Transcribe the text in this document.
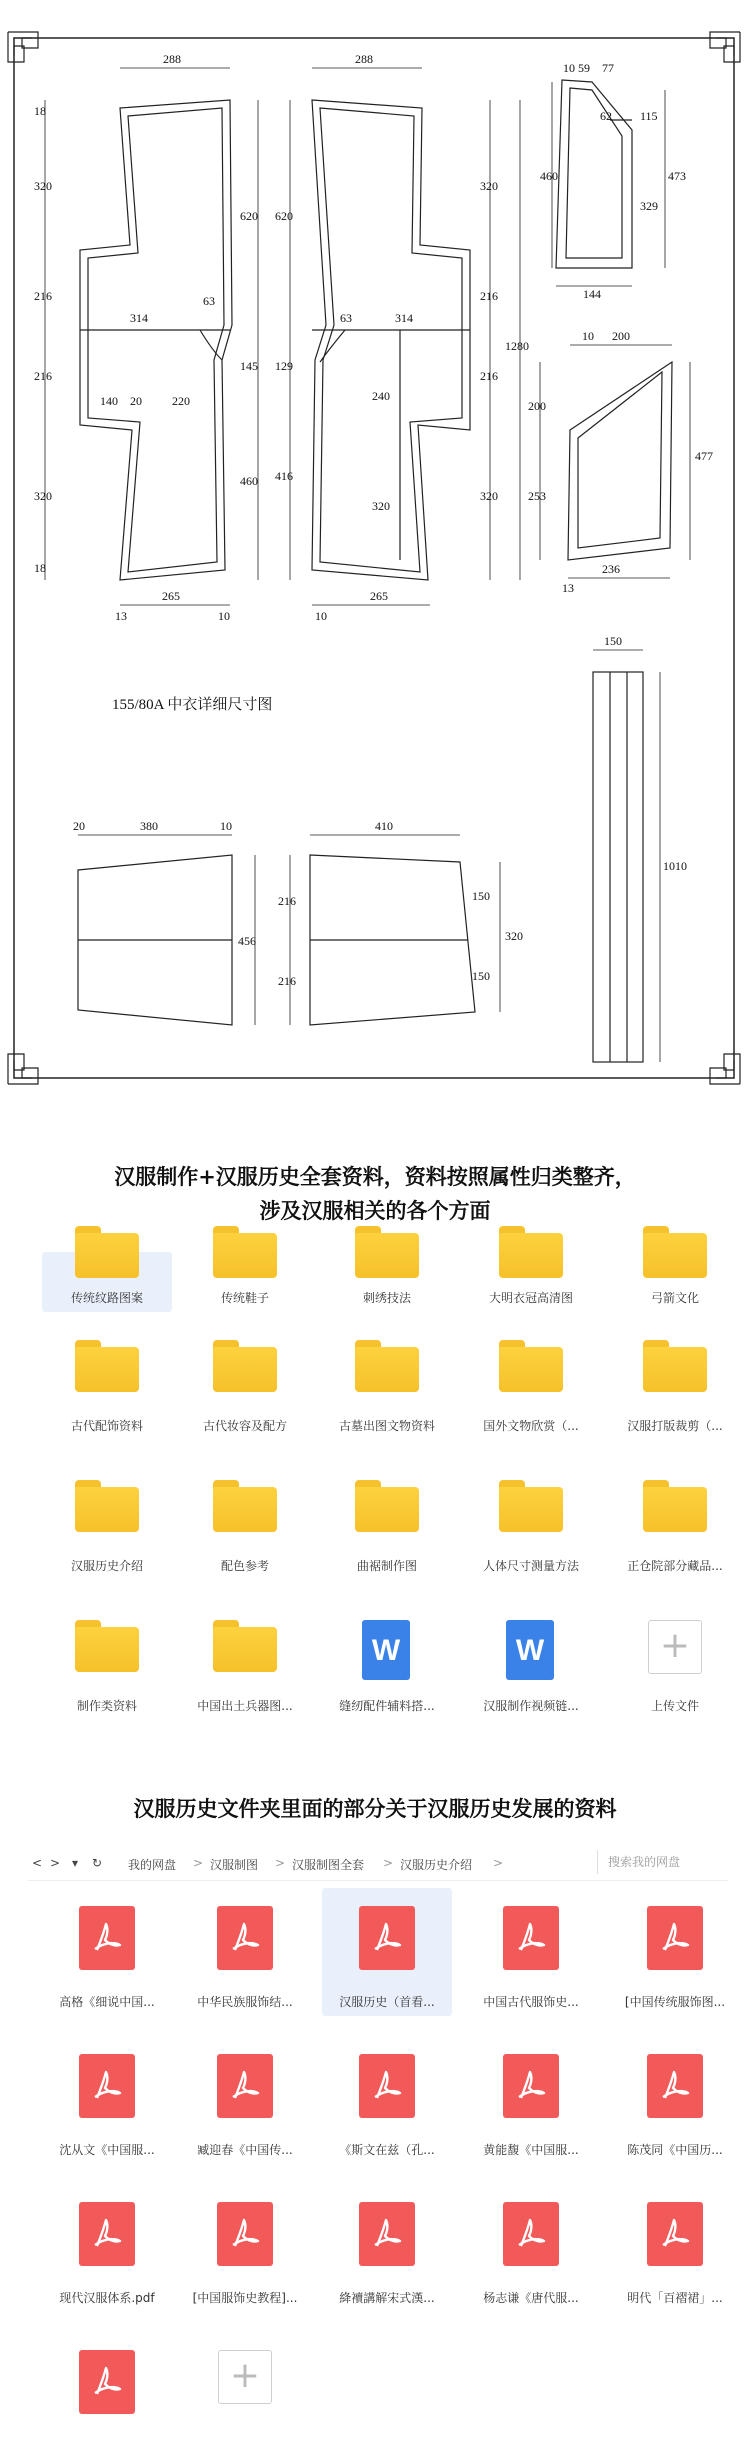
288	288
620
460
314
63
145
140 20	220
265
13	10
320
216
216
320
18
18
620
129
416
63	314
240
320
265
10
320
216
216
320
1280
10 59 77
62
460
115
329
473
144
10 200
200
253
477
236
13
150
1010
20	380	10
456
410
216
216
150
150
320
155/80A 中衣详细尺寸图
汉服制作+汉服历史全套资料，资料按照属性归类整齐，
涉及汉服相关的各个方面
传统纹路图案	传统鞋子	刺绣技法	大明衣冠高清图	弓箭文化
古代配饰资料	古代妆容及配方	古墓出图文物资料	国外文物欣赏（...	汉服打版裁剪（...
汉服历史介绍	配色参考	曲裾制作图	人体尺寸测量方法	正仓院部分藏品...
制作类资料	中国出土兵器图...
W
缝纫配件辅料搭...
W
汉服制作视频链...
+
上传文件
汉服历史文件夹里面的部分关于汉服历史发展的资料
< > ▾ ↻ 我的网盘 > 汉服制图 > 汉服制图全套 > 汉服历史介绍 >	搜索我的网盘
高格《细说中国...	中华民族服饰结...	汉服历史（首看...	中国古代服饰史...	[中国传统服饰图...
沈从文《中国服...	臧迎春《中国传...	《斯文在兹（孔...	黄能馥《中国服...	陈茂同《中国历...
现代汉服体系.pdf	[中国服饰史教程]...	絳襩講解宋式漢...	杨志谦《唐代服...	明代「百褶裙」...
+
